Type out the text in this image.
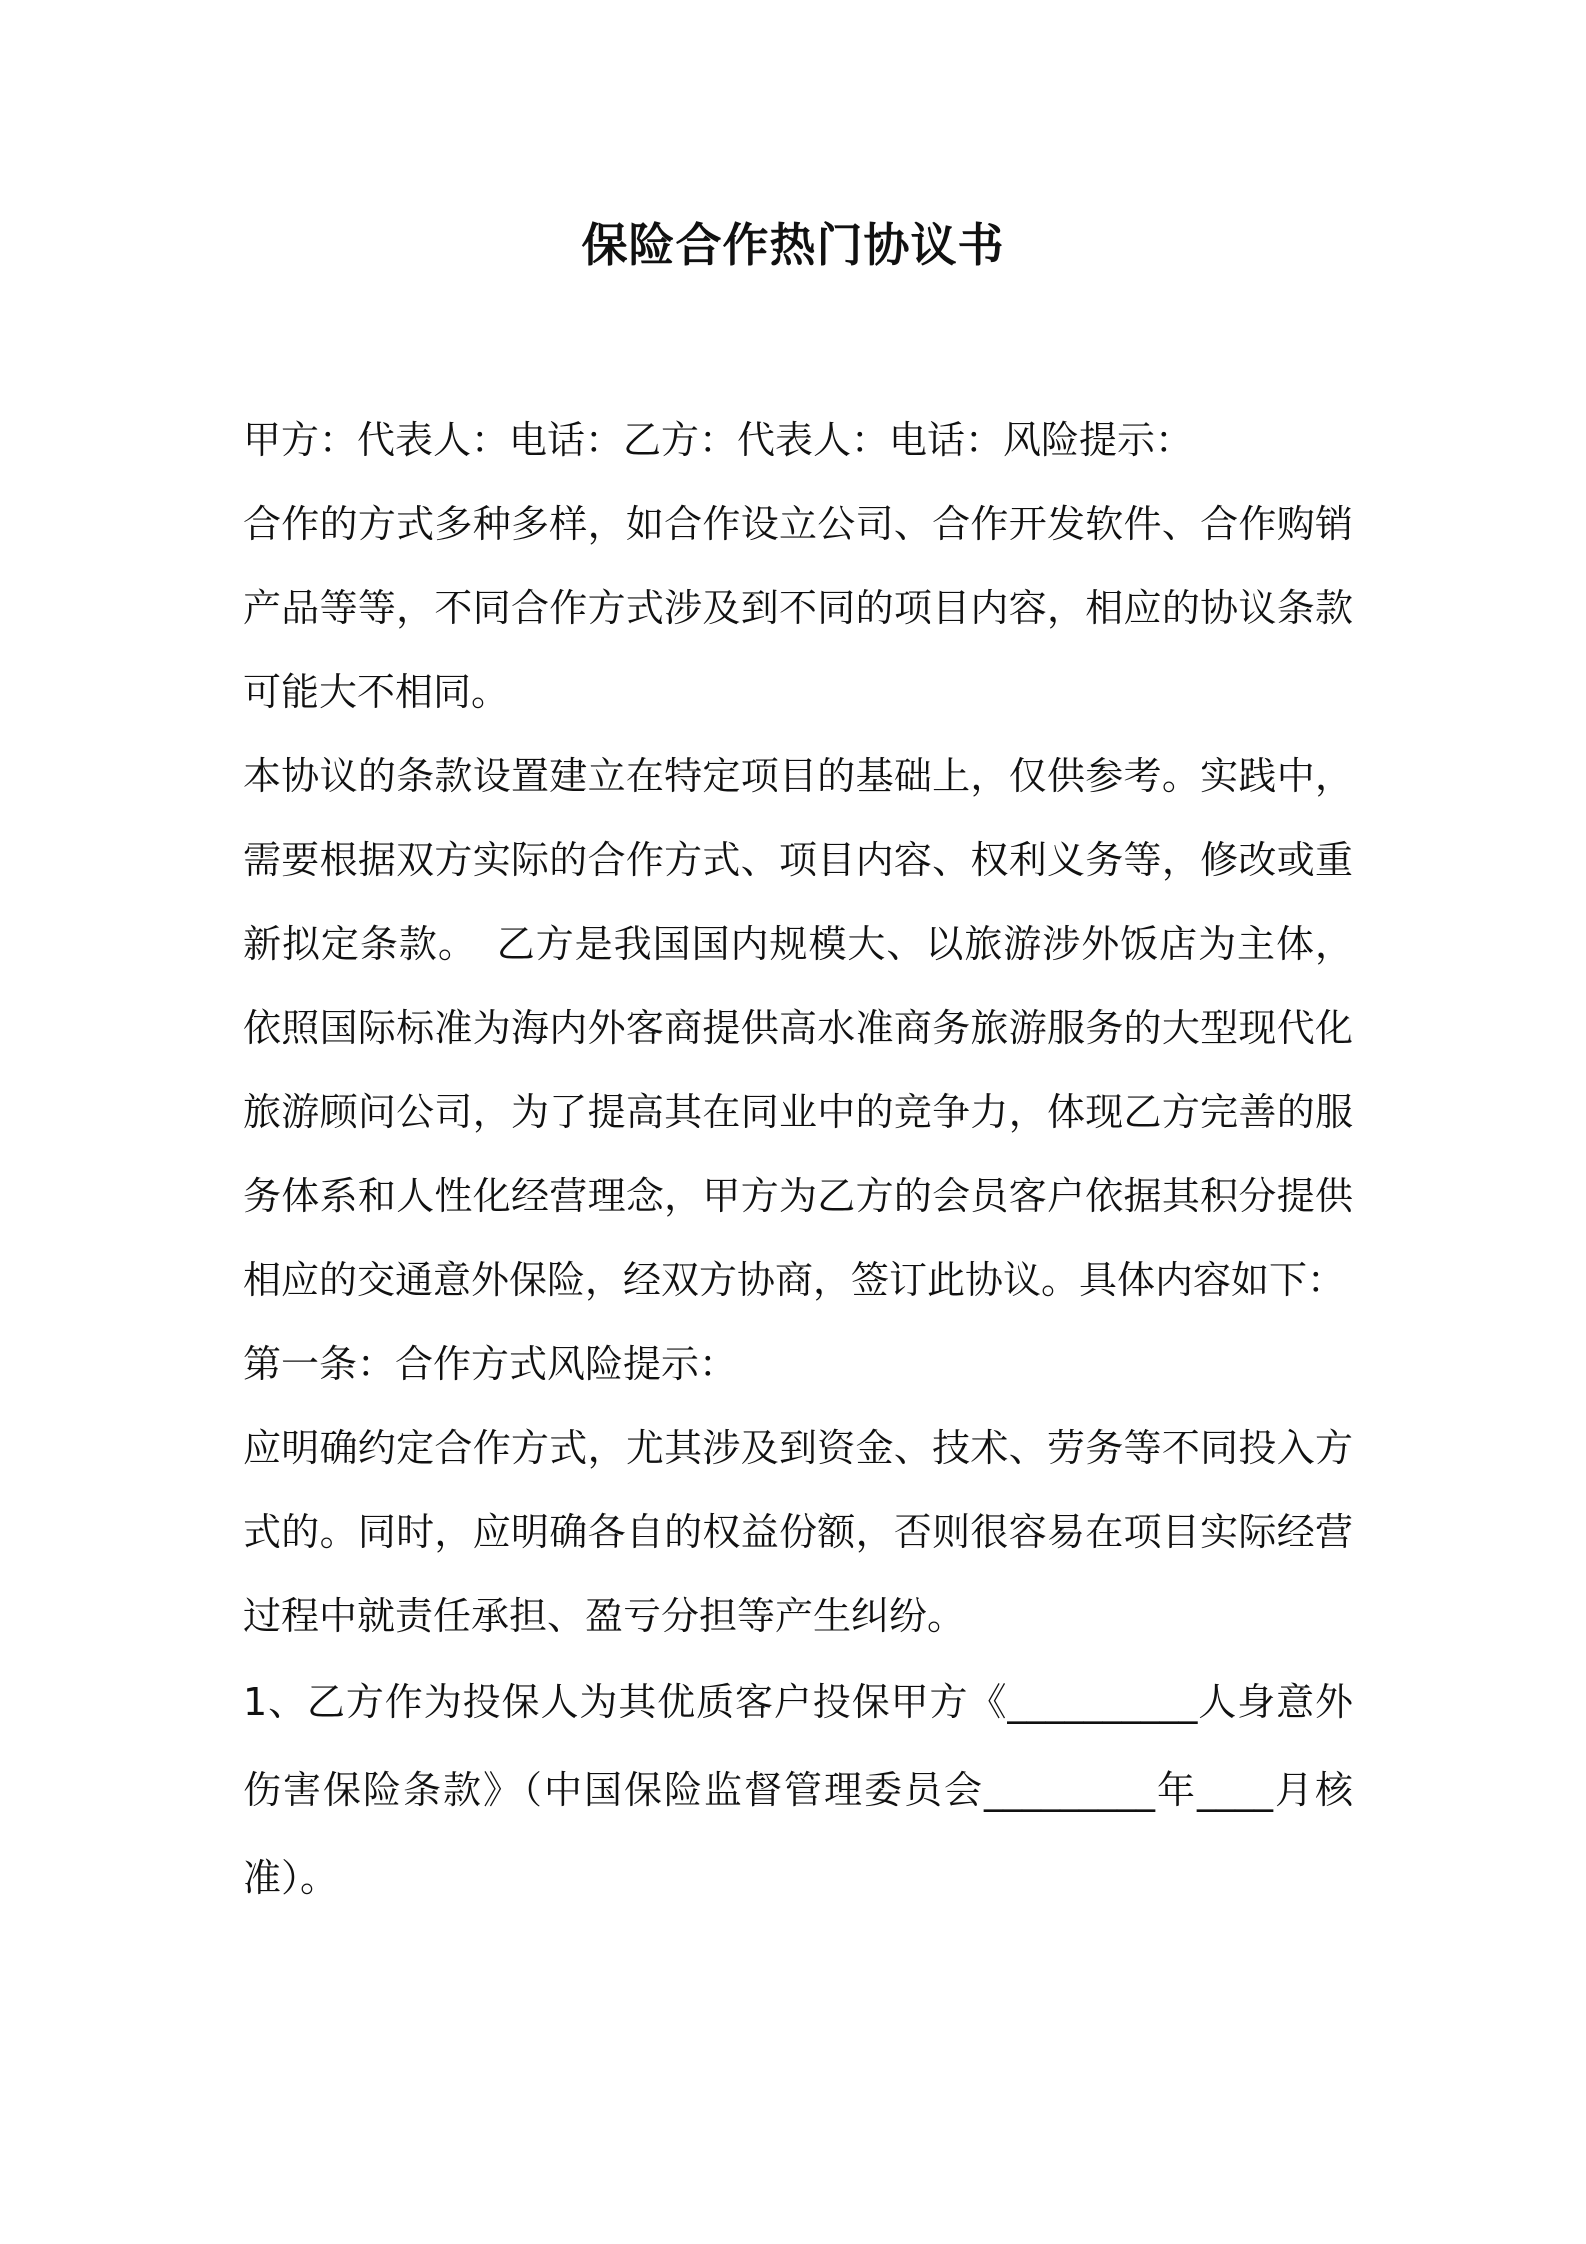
保险合作热门协议书

甲方：代表人：电话：乙方：代表人：电话：风险提示：

合作的方式多种多样，如合作设立公司、合作开发软件、合作购销产品等等，不同合作方式涉及到不同的项目内容，相应的协议条款可能大不相同。

本协议的条款设置建立在特定项目的基础上，仅供参考。实践中，需要根据双方实际的合作方式、项目内容、权利义务等，修改或重新拟定条款。　乙方是我国国内规模大、以旅游涉外饭店为主体，依照国际标准为海内外客商提供高水准商务旅游服务的大型现代化旅游顾问公司，为了提高其在同业中的竞争力，体现乙方完善的服务体系和人性化经营理念，甲方为乙方的会员客户依据其积分提供相应的交通意外保险，经双方协商，签订此协议。具体内容如下：

第一条：合作方式风险提示：

应明确约定合作方式，尤其涉及到资金、技术、劳务等不同投入方式的。同时，应明确各自的权益份额，否则很容易在项目实际经营过程中就责任承担、盈亏分担等产生纠纷。

1、乙方作为投保人为其优质客户投保甲方《__________人身意外伤害保险条款》（中国保险监督管理委员会_________年____月核准）。
